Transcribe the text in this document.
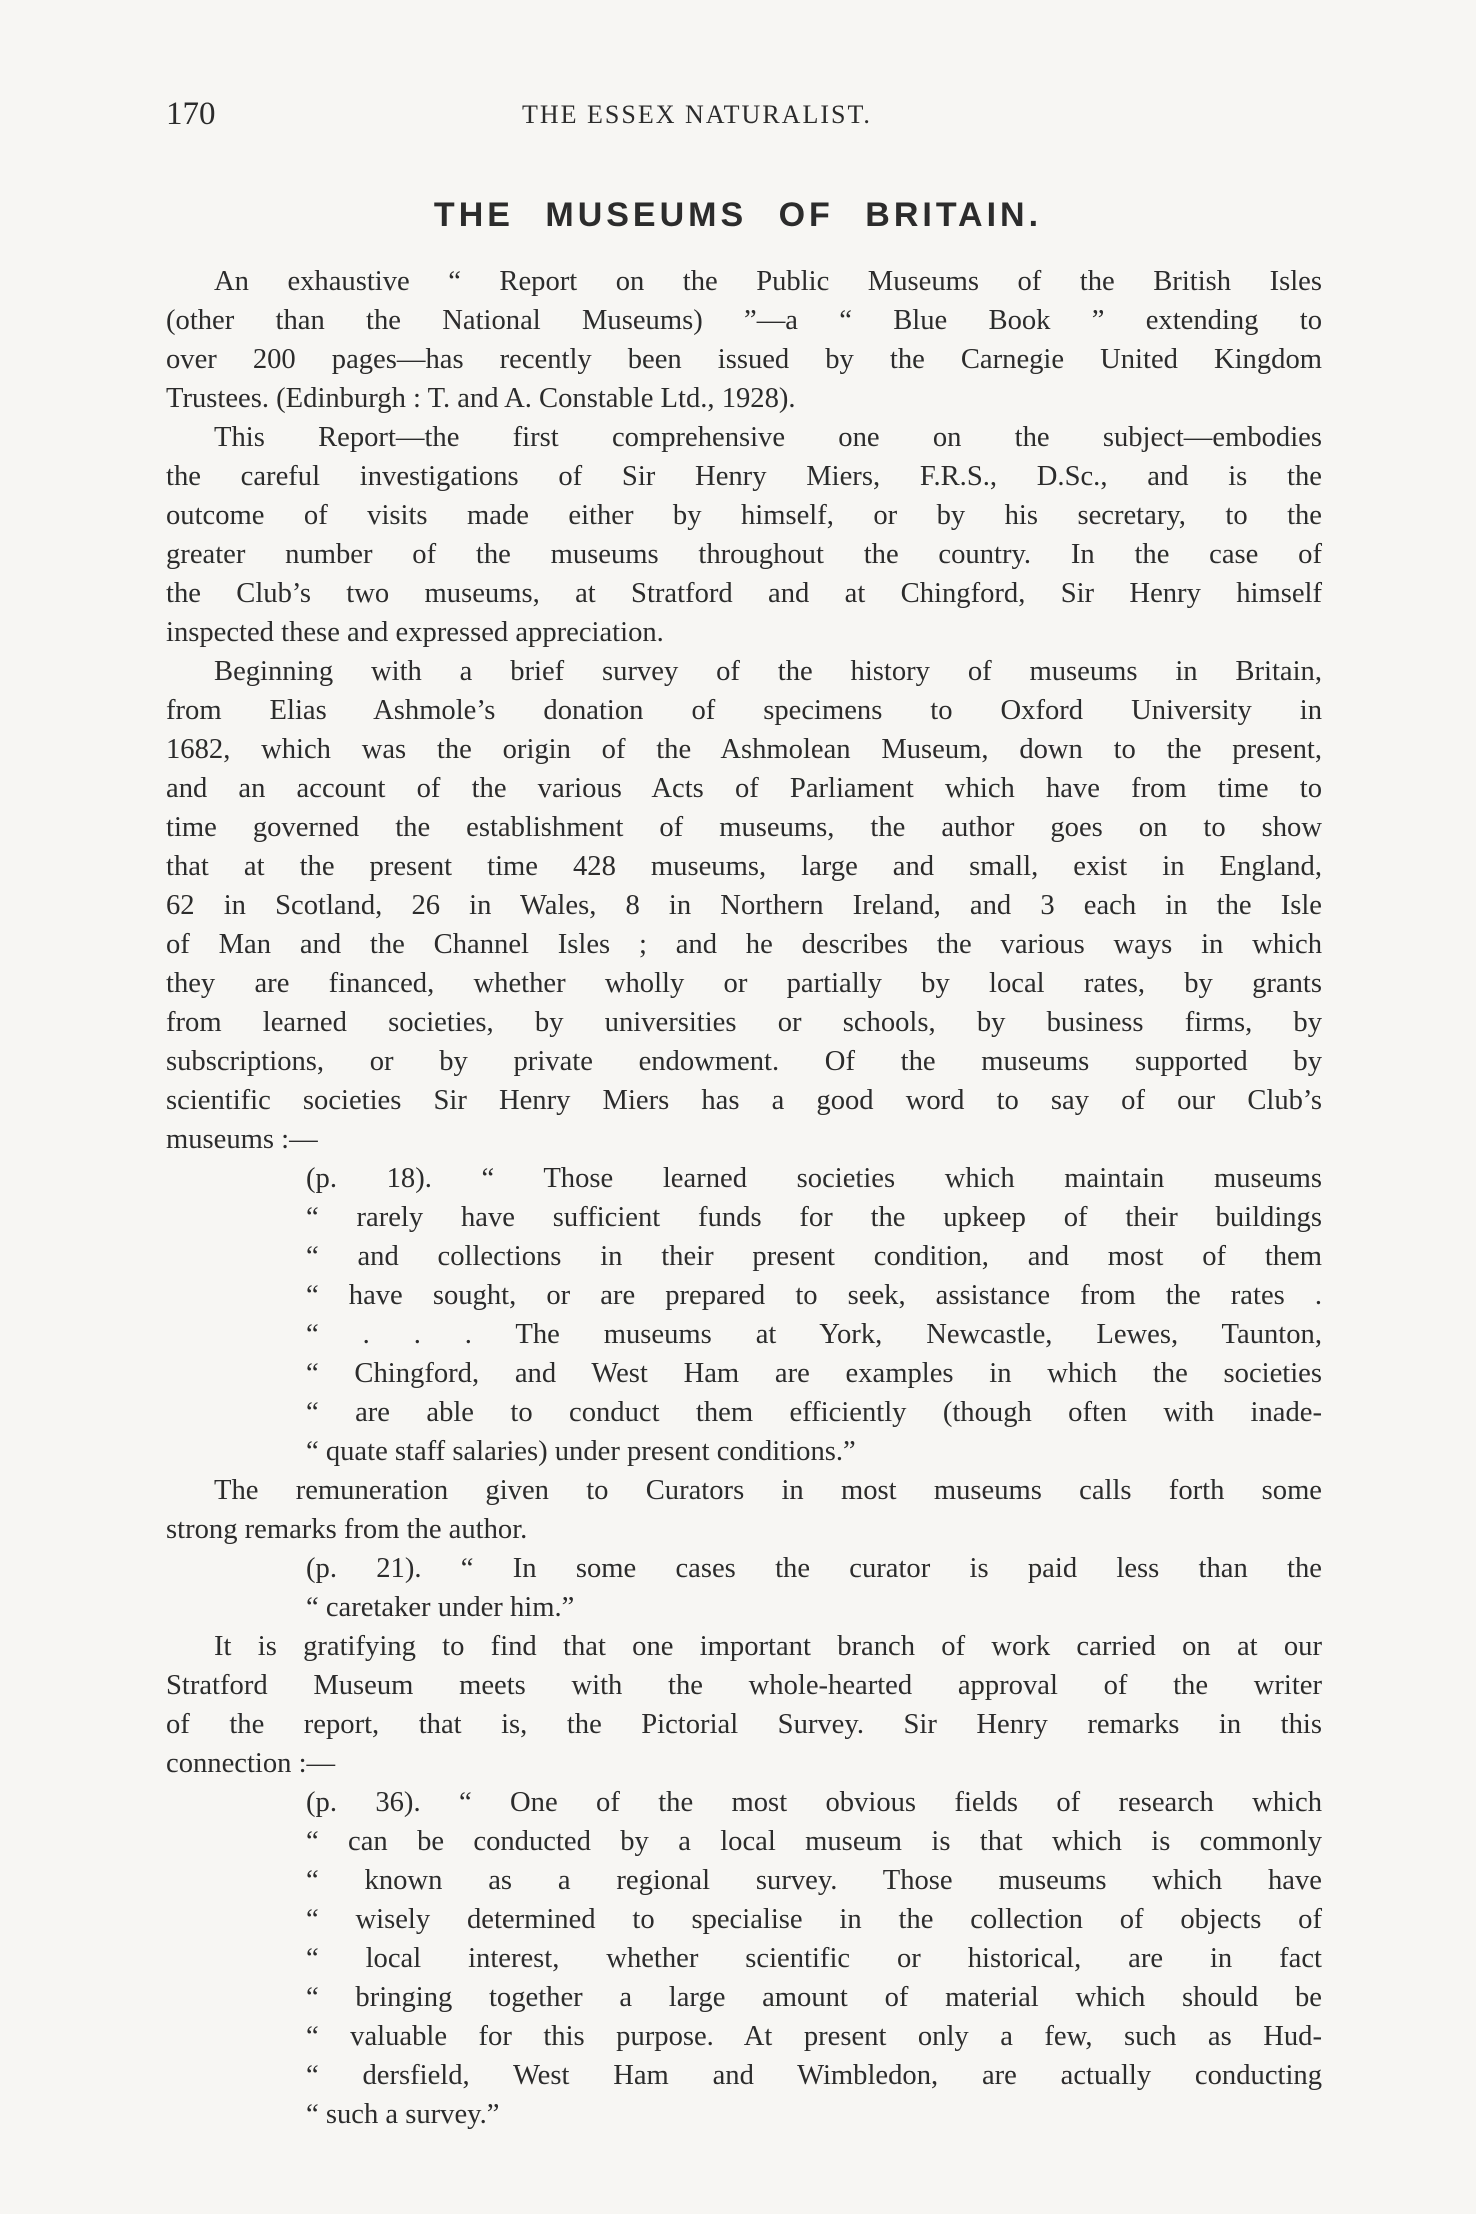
170	THE ESSEX NATURALIST.
THE MUSEUMS OF BRITAIN.
An exhaustive “ Report on the Public Museums of the British Isles
(other than the National Museums) ”—a “ Blue Book ” extending to
over 200 pages—has recently been issued by the Carnegie United Kingdom
Trustees. (Edinburgh : T. and A. Constable Ltd., 1928).
This Report—the first comprehensive one on the subject—embodies
the careful investigations of Sir Henry Miers, F.R.S., D.Sc., and is the
outcome of visits made either by himself, or by his secretary, to the
greater number of the museums throughout the country. In the case of
the Club’s two museums, at Stratford and at Chingford, Sir Henry himself
inspected these and expressed appreciation.
Beginning with a brief survey of the history of museums in Britain,
from Elias Ashmole’s donation of specimens to Oxford University in
1682, which was the origin of the Ashmolean Museum, down to the present,
and an account of the various Acts of Parliament which have from time to
time governed the establishment of museums, the author goes on to show
that at the present time 428 museums, large and small, exist in England,
62 in Scotland, 26 in Wales, 8 in Northern Ireland, and 3 each in the Isle
of Man and the Channel Isles ; and he describes the various ways in which
they are financed, whether wholly or partially by local rates, by grants
from learned societies, by universities or schools, by business firms, by
subscriptions, or by private endowment. Of the museums supported by
scientific societies Sir Henry Miers has a good word to say of our Club’s
museums :—
(p. 18). “ Those learned societies which maintain museums
“ rarely have sufficient funds for the upkeep of their buildings
“ and collections in their present condition, and most of them
“ have sought, or are prepared to seek, assistance from the rates .
“ . . . The museums at York, Newcastle, Lewes, Taunton,
“ Chingford, and West Ham are examples in which the societies
“ are able to conduct them efficiently (though often with inade-
“ quate staff salaries) under present conditions.”
The remuneration given to Curators in most museums calls forth some
strong remarks from the author.
(p. 21). “ In some cases the curator is paid less than the
“ caretaker under him.”
It is gratifying to find that one important branch of work carried on at our
Stratford Museum meets with the whole-hearted approval of the writer
of the report, that is, the Pictorial Survey. Sir Henry remarks in this
connection :—
(p. 36). “ One of the most obvious fields of research which
“ can be conducted by a local museum is that which is commonly
“ known as a regional survey. Those museums which have
“ wisely determined to specialise in the collection of objects of
“ local interest, whether scientific or historical, are in fact
“ bringing together a large amount of material which should be
“ valuable for this purpose. At present only a few, such as Hud-
“ dersfield, West Ham and Wimbledon, are actually conducting
“ such a survey.”
